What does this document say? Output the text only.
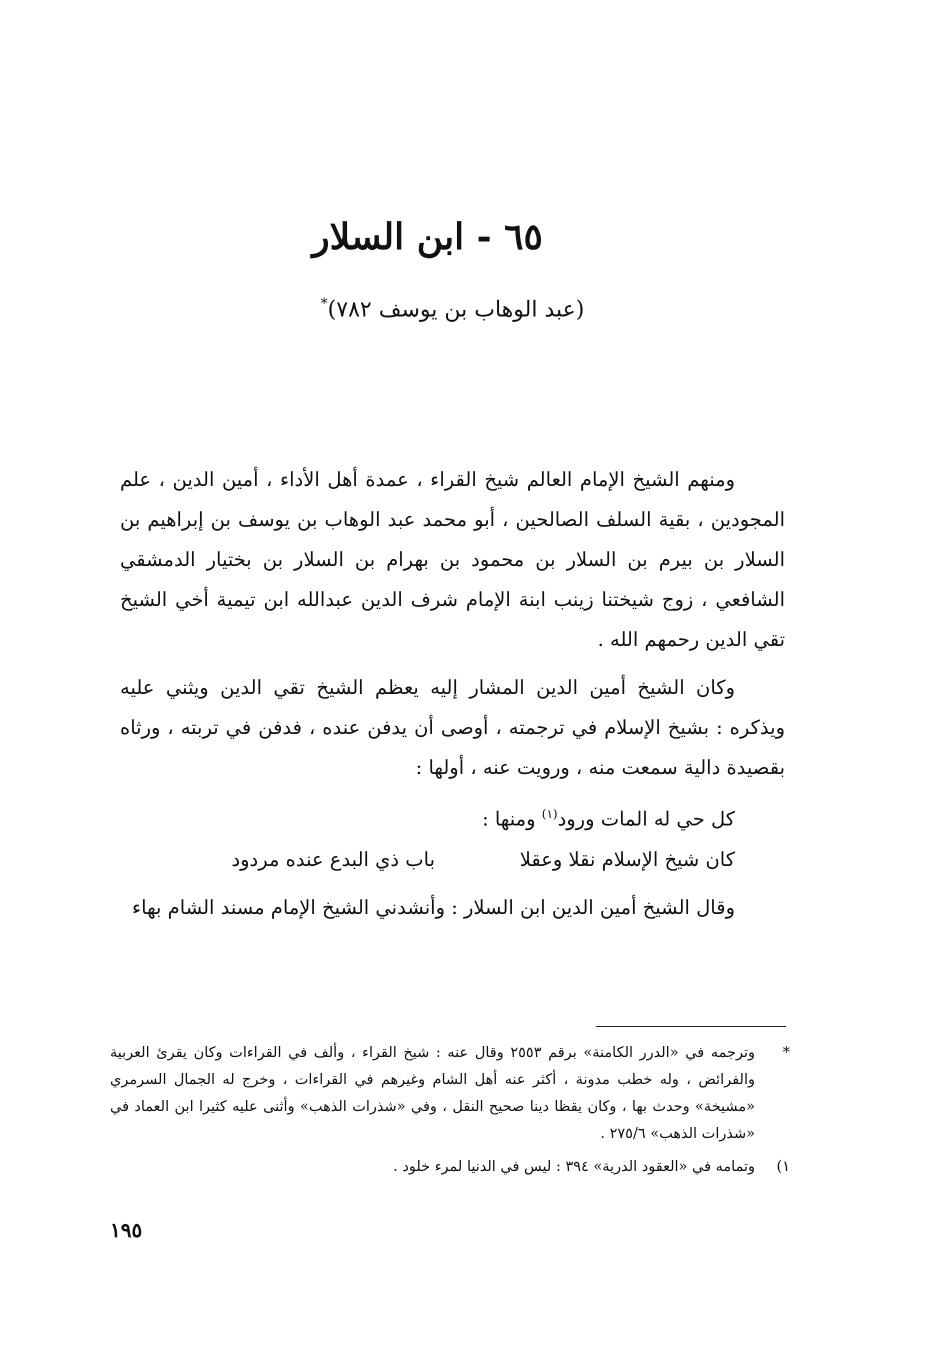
٦٥ - ابن السلار
(عبد الوهاب بن يوسف ٧٨٢)*

ومنهم الشيخ الإمام العالم شيخ القراء ، عمدة أهل الأداء ، أمين الدين ، علم المجودين ، بقية السلف الصالحين ، أبو محمد عبد الوهاب بن يوسف بن إبراهيم بن السلار بن بيرم بن السلار بن محمود بن بهرام بن السلار بن بختيار الدمشقي الشافعي ، زوج شيختنا زينب ابنة الإمام شرف الدين عبدالله ابن تيمية أخي الشيخ تقي الدين رحمهم الله .

وكان الشيخ أمين الدين المشار إليه يعظم الشيخ تقي الدين ويثني عليه ويذكره : بشيخ الإسلام في ترجمته ، أوصى أن يدفن عنده ، فدفن في تربته ، ورثاه بقصيدة دالية سمعت منه ، ورويت عنه ، أولها :

كل حي له المات ورود$^{(١)}$ ومنها :
كان شيخ الإسلام نقلا وعقلا
باب ذي البدع عنده مردود

وقال الشيخ أمين الدين ابن السلار : وأنشدني الشيخ الإمام مسند الشام بهاء

*
وترجمه في «الدرر الكامنة» برقم ٢٥٥٣ وقال عنه : شيخ القراء ، وألف في القراءات وكان يقرئ العربية والفرائض ، وله خطب مدونة ، أكثر عنه أهل الشام وغيرهم في القراءات ، وخرج له الجمال السرمري «مشيخة» وحدث بها ، وكان يقظا دينا صحيح النقل ، وفي «شذرات الذهب» وأثنى عليه كثيرا ابن العماد في «شذرات الذهب» ٢٧٥/٦ .
١)
وتمامه في «العقود الدرية» ٣٩٤ : ليس في الدنيا لمرء خلود .
١٩٥
